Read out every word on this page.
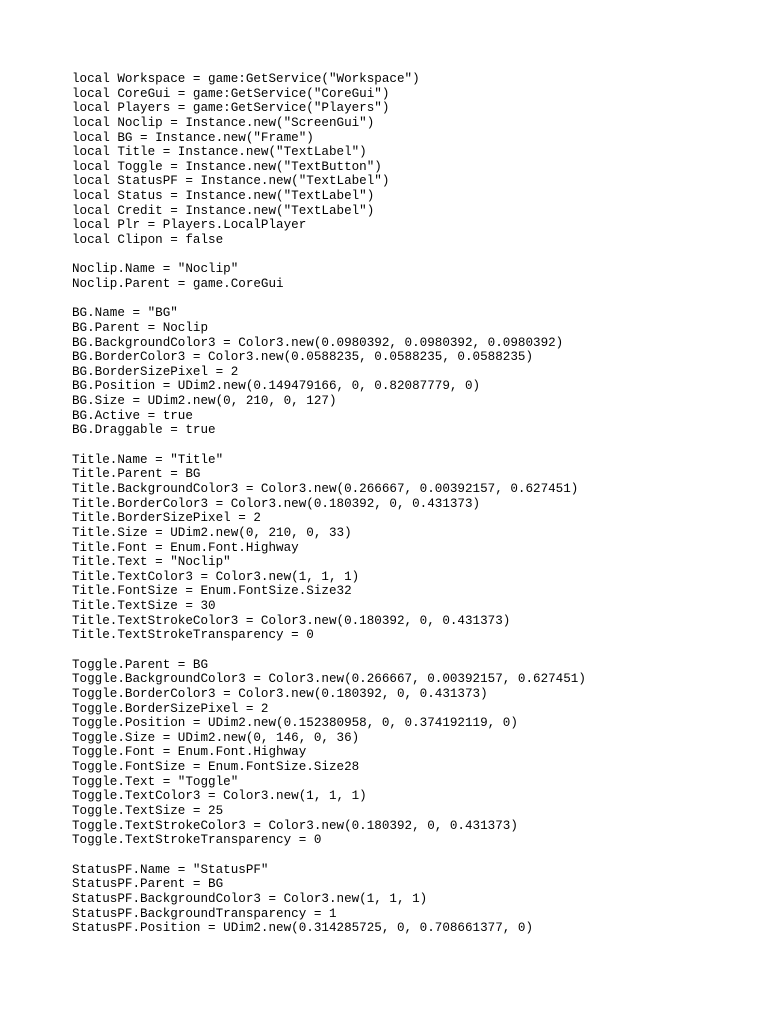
local Workspace = game:GetService("Workspace")
local CoreGui = game:GetService("CoreGui")
local Players = game:GetService("Players")
local Noclip = Instance.new("ScreenGui")
local BG = Instance.new("Frame")
local Title = Instance.new("TextLabel")
local Toggle = Instance.new("TextButton")
local StatusPF = Instance.new("TextLabel")
local Status = Instance.new("TextLabel")
local Credit = Instance.new("TextLabel")
local Plr = Players.LocalPlayer
local Clipon = false
Noclip.Name = "Noclip"
Noclip.Parent = game.CoreGui
BG.Name = "BG"
BG.Parent = Noclip
BG.BackgroundColor3 = Color3.new(0.0980392, 0.0980392, 0.0980392)
BG.BorderColor3 = Color3.new(0.0588235, 0.0588235, 0.0588235)
BG.BorderSizePixel = 2
BG.Position = UDim2.new(0.149479166, 0, 0.82087779, 0)
BG.Size = UDim2.new(0, 210, 0, 127)
BG.Active = true
BG.Draggable = true
Title.Name = "Title"
Title.Parent = BG
Title.BackgroundColor3 = Color3.new(0.266667, 0.00392157, 0.627451)
Title.BorderColor3 = Color3.new(0.180392, 0, 0.431373)
Title.BorderSizePixel = 2
Title.Size = UDim2.new(0, 210, 0, 33)
Title.Font = Enum.Font.Highway
Title.Text = "Noclip"
Title.TextColor3 = Color3.new(1, 1, 1)
Title.FontSize = Enum.FontSize.Size32
Title.TextSize = 30
Title.TextStrokeColor3 = Color3.new(0.180392, 0, 0.431373)
Title.TextStrokeTransparency = 0
Toggle.Parent = BG
Toggle.BackgroundColor3 = Color3.new(0.266667, 0.00392157, 0.627451)
Toggle.BorderColor3 = Color3.new(0.180392, 0, 0.431373)
Toggle.BorderSizePixel = 2
Toggle.Position = UDim2.new(0.152380958, 0, 0.374192119, 0)
Toggle.Size = UDim2.new(0, 146, 0, 36)
Toggle.Font = Enum.Font.Highway
Toggle.FontSize = Enum.FontSize.Size28
Toggle.Text = "Toggle"
Toggle.TextColor3 = Color3.new(1, 1, 1)
Toggle.TextSize = 25
Toggle.TextStrokeColor3 = Color3.new(0.180392, 0, 0.431373)
Toggle.TextStrokeTransparency = 0
StatusPF.Name = "StatusPF"
StatusPF.Parent = BG
StatusPF.BackgroundColor3 = Color3.new(1, 1, 1)
StatusPF.BackgroundTransparency = 1
StatusPF.Position = UDim2.new(0.314285725, 0, 0.708661377, 0)
